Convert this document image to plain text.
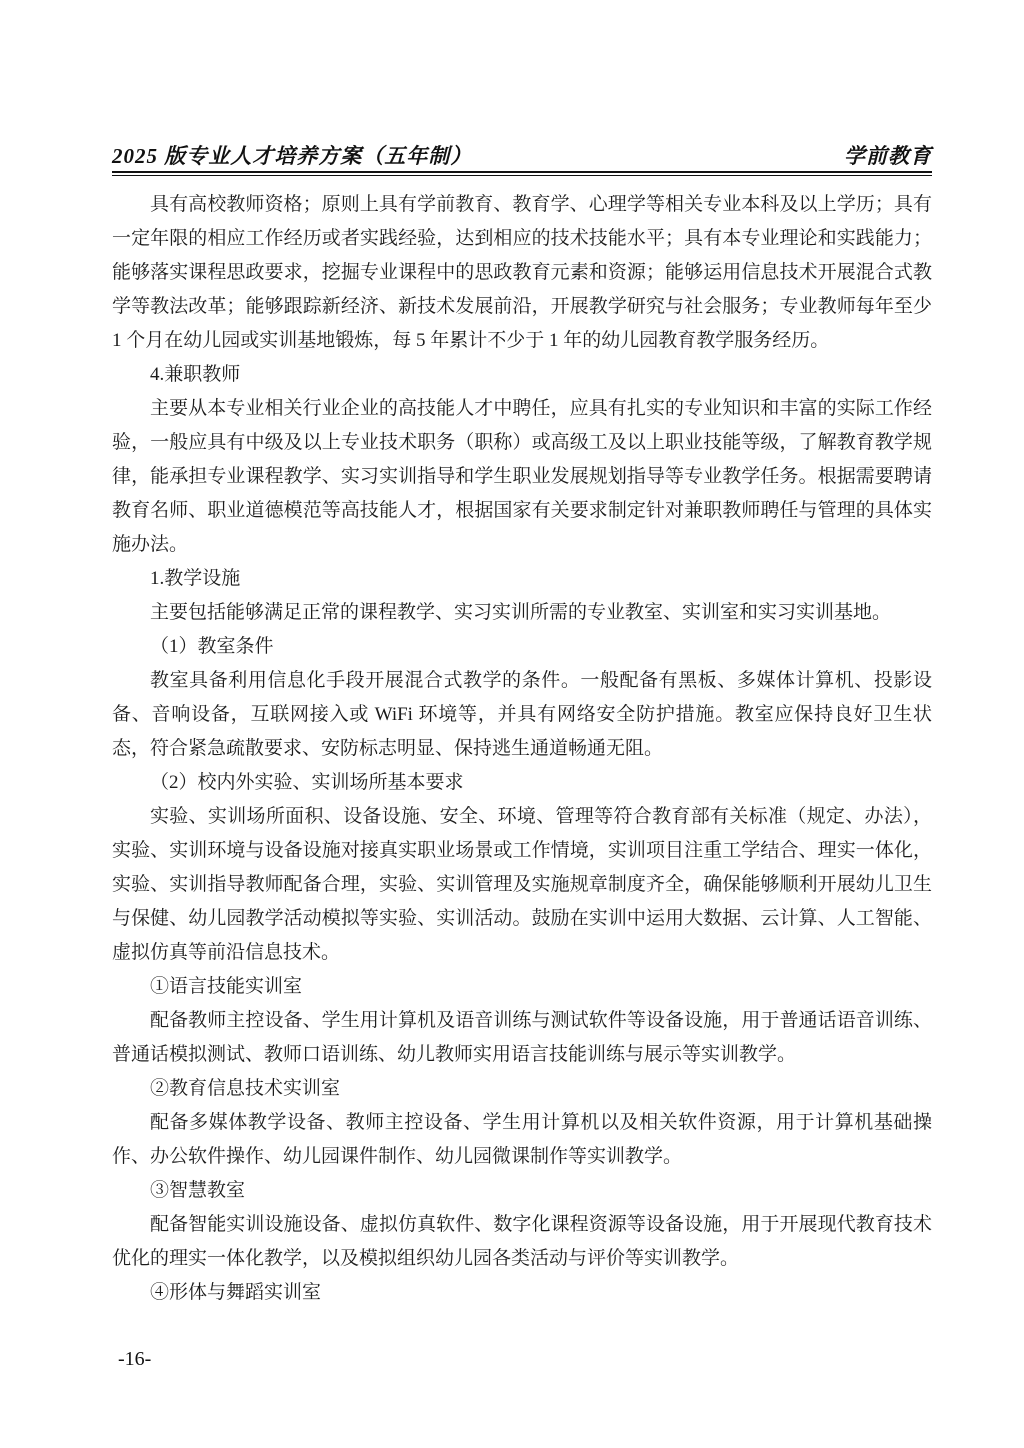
2025 版专业人才培养方案（五年制）	学前教育

具有高校教师资格；原则上具有学前教育、教育学、心理学等相关专业本科及以上学历；具有一定年限的相应工作经历或者实践经验，达到相应的技术技能水平；具有本专业理论和实践能力；能够落实课程思政要求，挖掘专业课程中的思政教育元素和资源；能够运用信息技术开展混合式教学等教法改革；能够跟踪新经济、新技术发展前沿，开展教学研究与社会服务；专业教师每年至少 1 个月在幼儿园或实训基地锻炼，每 5 年累计不少于 1 年的幼儿园教育教学服务经历。

4.兼职教师

主要从本专业相关行业企业的高技能人才中聘任，应具有扎实的专业知识和丰富的实际工作经验，一般应具有中级及以上专业技术职务（职称）或高级工及以上职业技能等级，了解教育教学规律，能承担专业课程教学、实习实训指导和学生职业发展规划指导等专业教学任务。根据需要聘请教育名师、职业道德模范等高技能人才，根据国家有关要求制定针对兼职教师聘任与管理的具体实施办法。

1.教学设施

主要包括能够满足正常的课程教学、实习实训所需的专业教室、实训室和实习实训基地。

（1）教室条件

教室具备利用信息化手段开展混合式教学的条件。一般配备有黑板、多媒体计算机、投影设备、音响设备，互联网接入或 WiFi 环境等，并具有网络安全防护措施。教室应保持良好卫生状态，符合紧急疏散要求、安防标志明显、保持逃生通道畅通无阻。

（2）校内外实验、实训场所基本要求

实验、实训场所面积、设备设施、安全、环境、管理等符合教育部有关标准（规定、办法），实验、实训环境与设备设施对接真实职业场景或工作情境，实训项目注重工学结合、理实一体化，实验、实训指导教师配备合理，实验、实训管理及实施规章制度齐全，确保能够顺利开展幼儿卫生与保健、幼儿园教学活动模拟等实验、实训活动。鼓励在实训中运用大数据、云计算、人工智能、虚拟仿真等前沿信息技术。

①语言技能实训室

配备教师主控设备、学生用计算机及语音训练与测试软件等设备设施，用于普通话语音训练、普通话模拟测试、教师口语训练、幼儿教师实用语言技能训练与展示等实训教学。

②教育信息技术实训室

配备多媒体教学设备、教师主控设备、学生用计算机以及相关软件资源，用于计算机基础操作、办公软件操作、幼儿园课件制作、幼儿园微课制作等实训教学。

③智慧教室

配备智能实训设施设备、虚拟仿真软件、数字化课程资源等设备设施，用于开展现代教育技术优化的理实一体化教学，以及模拟组织幼儿园各类活动与评价等实训教学。

④形体与舞蹈实训室

-16-
